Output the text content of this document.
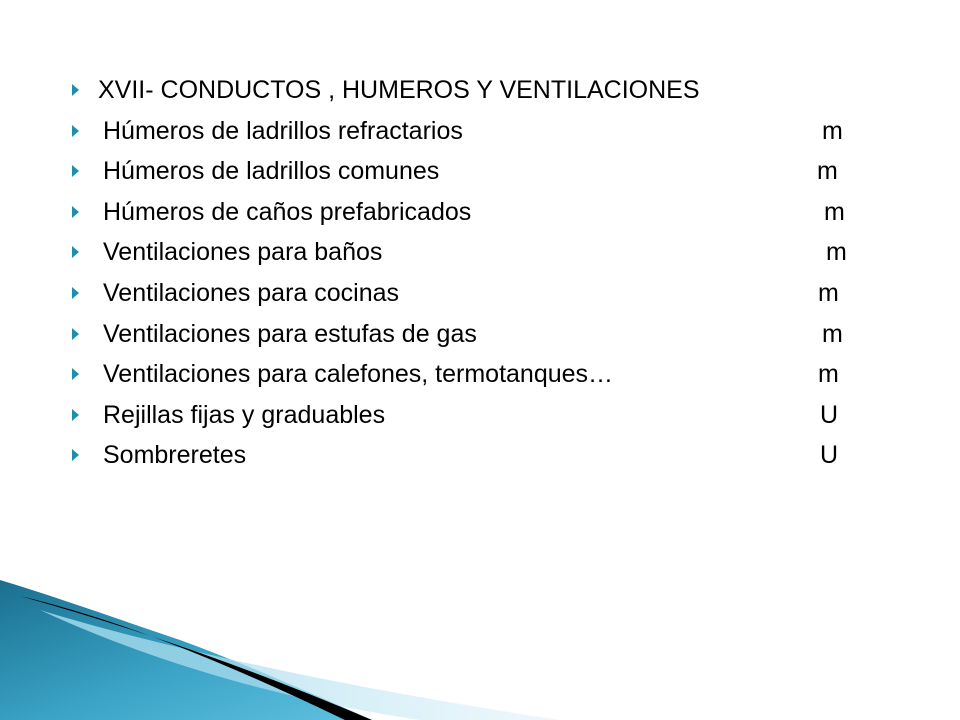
XVII- CONDUCTOS , HUMEROS Y VENTILACIONES
Húmeros de ladrillos refractarios	m
Húmeros de ladrillos comunes	m
Húmeros de caños prefabricados	m
Ventilaciones para baños	m
Ventilaciones para cocinas	m
Ventilaciones para estufas de gas	m
Ventilaciones para calefones, termotanques…	m
Rejillas fijas y graduables	U
Sombreretes	U
